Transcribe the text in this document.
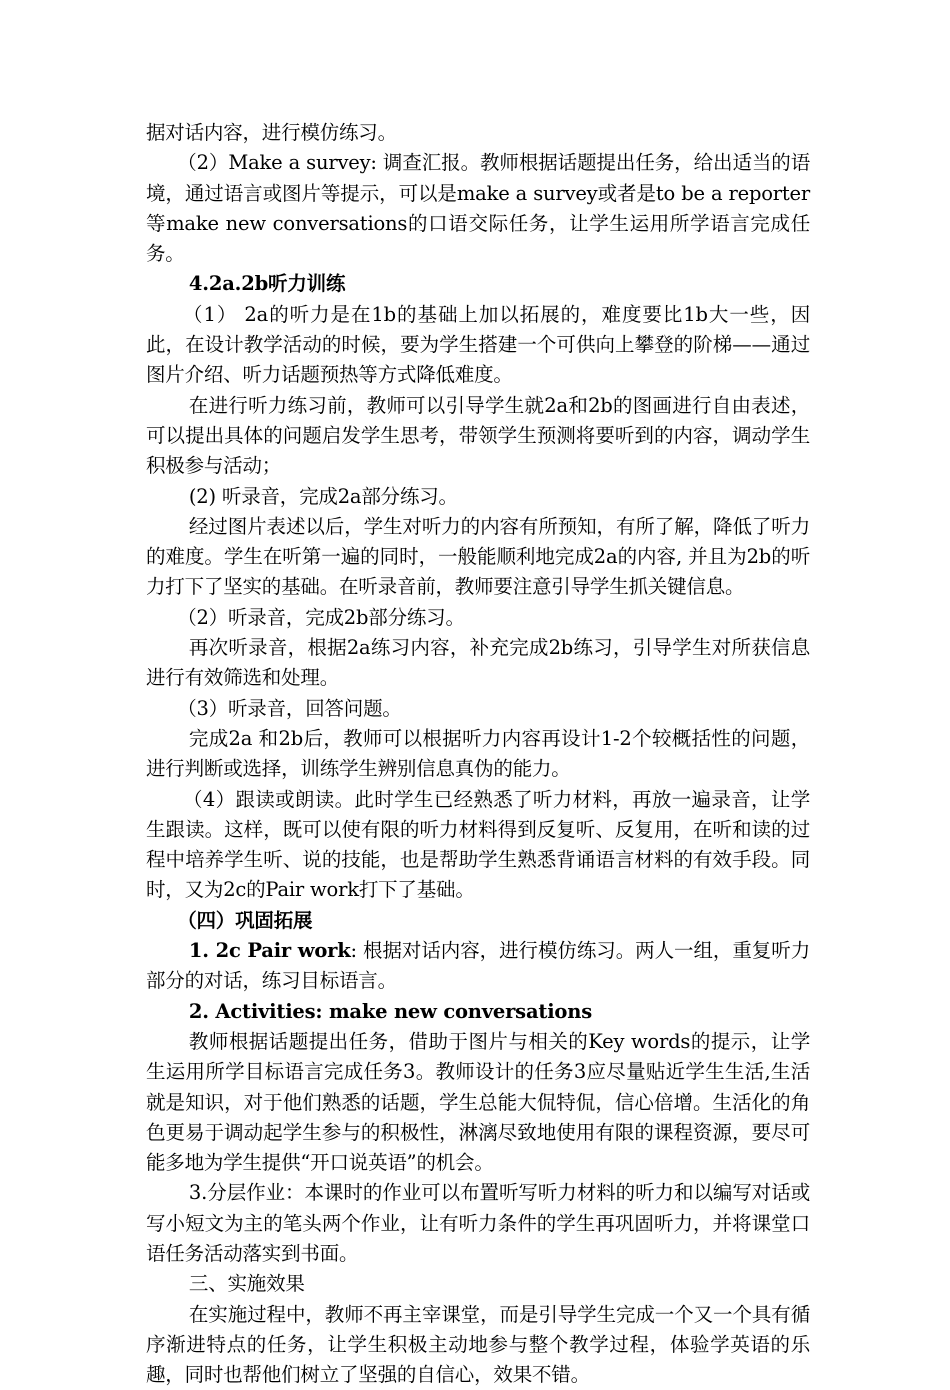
据对话内容，进行模仿练习。

（2）Make a survey: 调查汇报。教师根据话题提出任务，给出适当的语境，通过语言或图片等提示，可以是make a survey或者是to be a reporter等make new conversations的口语交际任务，让学生运用所学语言完成任务。

4.2a.2b听力训练

（1） 2a的听力是在1b的基础上加以拓展的，难度要比1b大一些，因此，在设计教学活动的时候，要为学生搭建一个可供向上攀登的阶梯——通过图片介绍、听力话题预热等方式降低难度。

在进行听力练习前，教师可以引导学生就2a和2b的图画进行自由表述，可以提出具体的问题启发学生思考，带领学生预测将要听到的内容，调动学生积极参与活动；

(2) 听录音，完成2a部分练习。

经过图片表述以后，学生对听力的内容有所预知，有所了解，降低了听力的难度。学生在听第一遍的同时，一般能顺利地完成2a的内容, 并且为2b的听力打下了坚实的基础。在听录音前，教师要注意引导学生抓关键信息。

（2）听录音，完成2b部分练习。

再次听录音，根据2a练习内容，补充完成2b练习，引导学生对所获信息进行有效筛选和处理。

（3）听录音，回答问题。

完成2a 和2b后，教师可以根据听力内容再设计1-2个较概括性的问题，进行判断或选择，训练学生辨别信息真伪的能力。

（4）跟读或朗读。此时学生已经熟悉了听力材料，再放一遍录音，让学生跟读。这样，既可以使有限的听力材料得到反复听、反复用，在听和读的过程中培养学生听、说的技能，也是帮助学生熟悉背诵语言材料的有效手段。同时，又为2c的Pair work打下了基础。

（四）巩固拓展

1. 2c Pair work: 根据对话内容，进行模仿练习。两人一组，重复听力部分的对话，练习目标语言。

2. Activities: make new conversations

教师根据话题提出任务，借助于图片与相关的Key words的提示，让学生运用所学目标语言完成任务3。教师设计的任务3应尽量贴近学生生活,生活就是知识，对于他们熟悉的话题，学生总能大侃特侃，信心倍增。生活化的角色更易于调动起学生参与的积极性，淋漓尽致地使用有限的课程资源，要尽可能多地为学生提供“开口说英语”的机会。

3.分层作业：本课时的作业可以布置听写听力材料的听力和以编写对话或写小短文为主的笔头两个作业，让有听力条件的学生再巩固听力，并将课堂口语任务活动落实到书面。

三、实施效果

在实施过程中，教师不再主宰课堂，而是引导学生完成一个又一个具有循序渐进特点的任务，让学生积极主动地参与整个教学过程，体验学英语的乐趣，同时也帮他们树立了坚强的自信心，效果不错。
